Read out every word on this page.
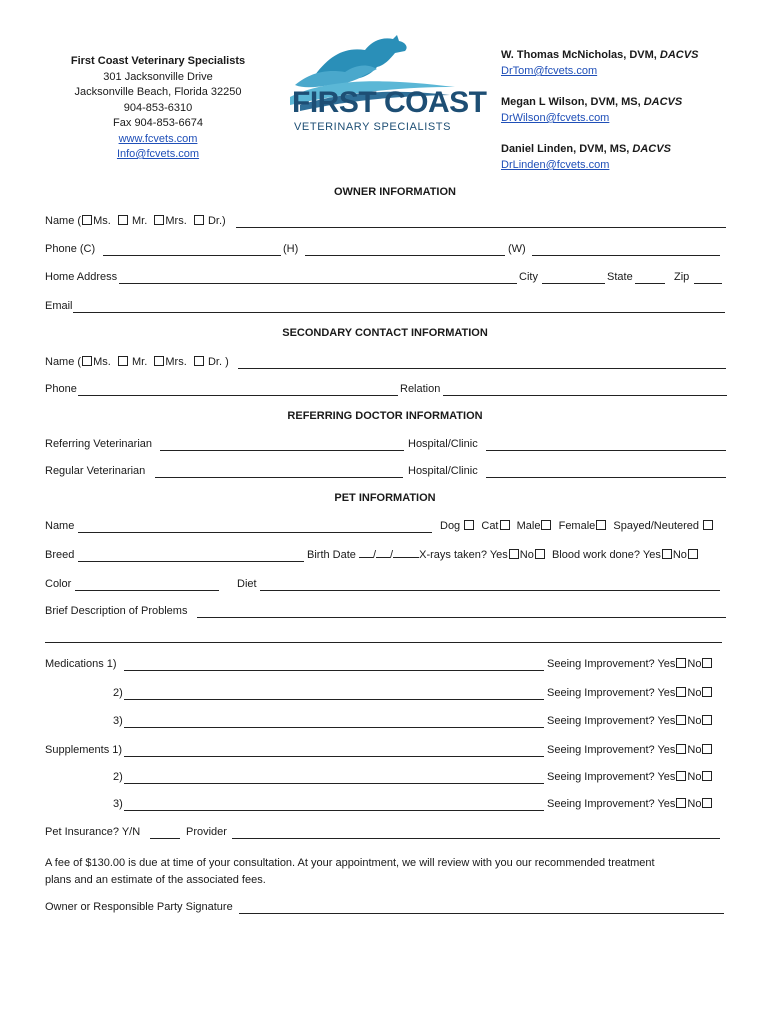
First Coast Veterinary Specialists
301 Jacksonville Drive
Jacksonville Beach, Florida 32250
904-853-6310
Fax 904-853-6674
www.fcvets.com
Info@fcvets.com
FIRST COAST
VETERINARY SPECIALISTS
W. Thomas McNicholas, DVM, DACVS
DrTom@fcvets.com
Megan L Wilson, DVM, MS, DACVS
DrWilson@fcvets.com
Daniel Linden, DVM, MS, DACVS
DrLinden@fcvets.com
OWNER INFORMATION
Name ( Ms. Mr. Mrs. Dr.)
Phone (C)	(H)	(W)
Home Address	City	State	Zip
Email
SECONDARY CONTACT INFORMATION
Name ( Ms. Mr. Mrs. Dr. )
Phone	Relation
REFERRING DOCTOR INFORMATION
Referring Veterinarian	Hospital/Clinic
Regular Veterinarian	Hospital/Clinic
PET INFORMATION
Name	Dog Cat Male Female Spayed/Neutered
Breed	Birth Date / / X-rays taken? Yes No Blood work done? Yes No
Color	Diet
Brief Description of Problems
Medications 1)	Seeing Improvement? Yes No
2)	Seeing Improvement? Yes No
3)	Seeing Improvement? Yes No
Supplements 1)	Seeing Improvement? Yes No
2)	Seeing Improvement? Yes No
3)	Seeing Improvement? Yes No
Pet Insurance? Y/N	Provider
A fee of $130.00 is due at time of your consultation. At your appointment, we will review with you our recommended treatment
plans and an estimate of the associated fees.
Owner or Responsible Party Signature
